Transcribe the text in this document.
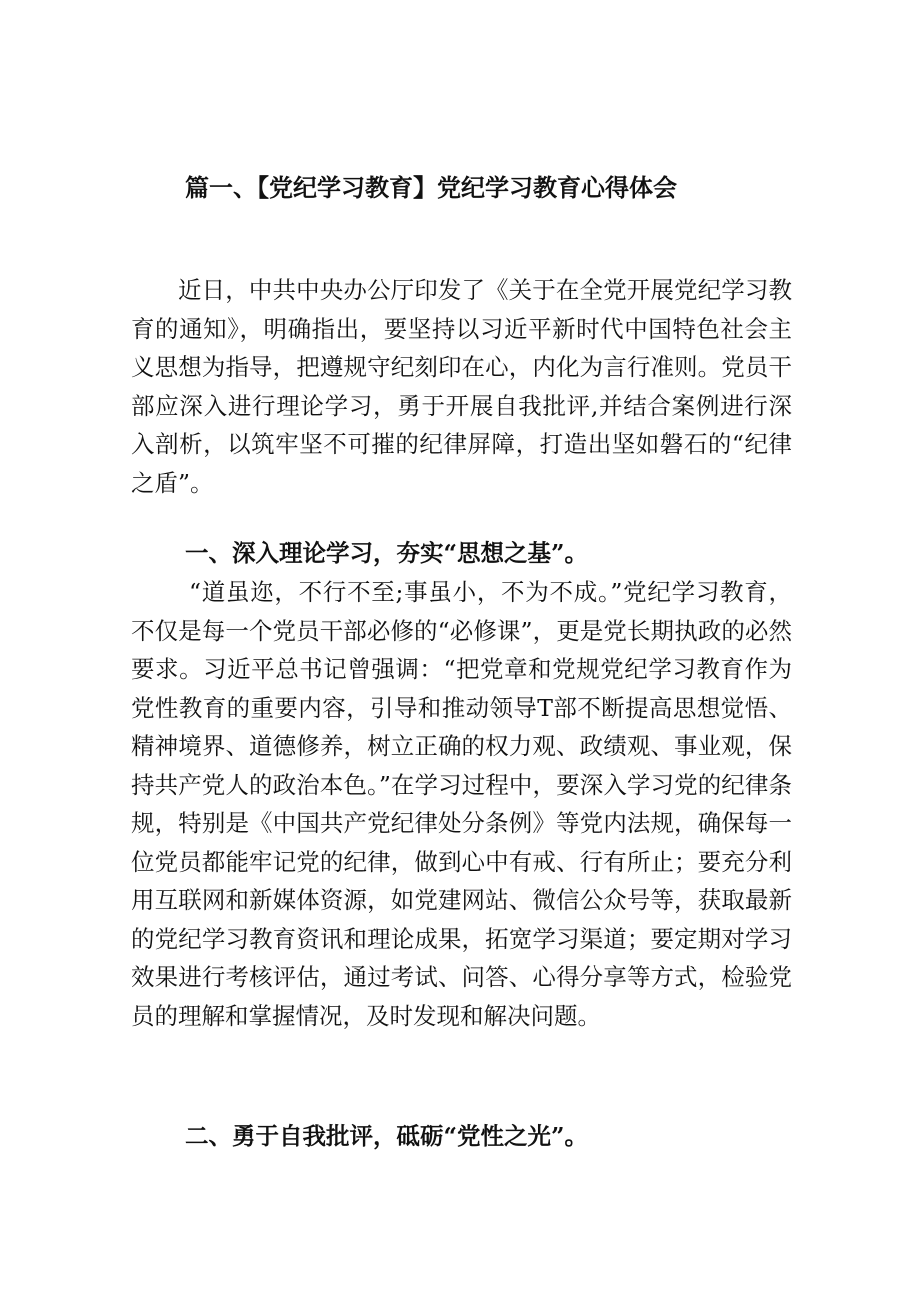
篇一、【党纪学习教育】党纪学习教育心得体会

近日，中共中央办公厅印发了《关于在全党开展党纪学习教育的通知》，明确指出，要坚持以习近平新时代中国特色社会主义思想为指导，把遵规守纪刻印在心，内化为言行准则。党员干部应深入进行理论学习，勇于开展自我批评,并结合案例进行深入剖析，以筑牢坚不可摧的纪律屏障，打造出坚如磐石的“纪律之盾”。

一、深入理论学习，夯实“思想之基”。

“道虽迩，不行不至;事虽小，不为不成。”党纪学习教育，不仅是每一个党员干部必修的“必修课”，更是党长期执政的必然要求。习近平总书记曾强调：“把党章和党规党纪学习教育作为党性教育的重要内容，引导和推动领导T部不断提高思想觉悟、精神境界、道德修养，树立正确的权力观、政绩观、事业观，保持共产党人的政治本色。”在学习过程中，要深入学习党的纪律条规，特别是《中国共产党纪律处分条例》等党内法规，确保每一位党员都能牢记党的纪律，做到心中有戒、行有所止；要充分利用互联网和新媒体资源，如党建网站、微信公众号等，获取最新的党纪学习教育资讯和理论成果，拓宽学习渠道；要定期对学习效果进行考核评估，通过考试、问答、心得分享等方式，检验党员的理解和掌握情况，及时发现和解决问题。

二、勇于自我批评，砥砺“党性之光”。
